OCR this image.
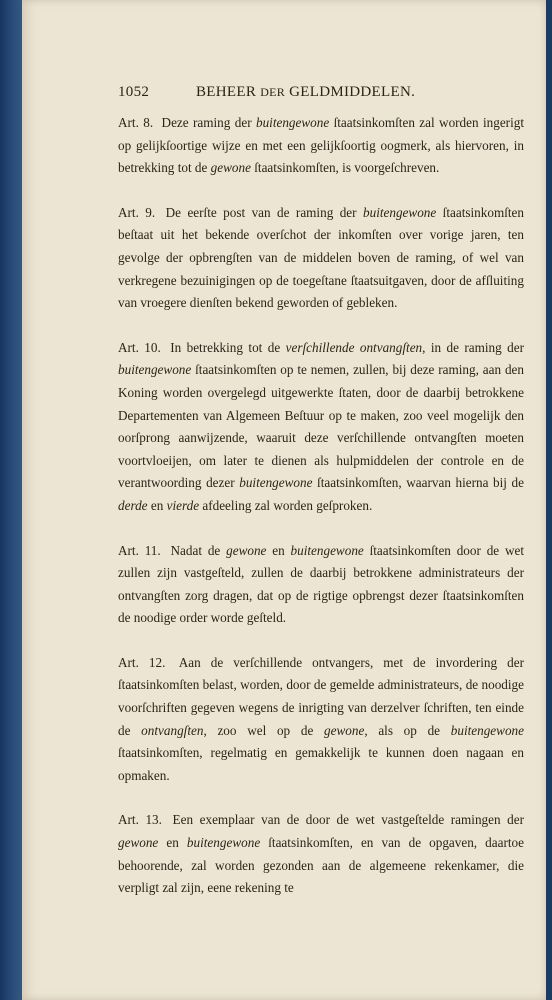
1052	BEHEER DER GELDMIDDELEN.

Art. 8. Deze raming der buitengewone ſtaatsinkomſten zal worden ingerigt op gelijkſoortige wijze en met een gelijkſoortig oogmerk, als hiervoren, in betrekking tot de gewone ſtaatsinkomſten, is voorgeſchreven.

Art. 9. De eerſte post van de raming der buitengewone ſtaatsinkomſten beſtaat uit het bekende overſchot der inkomſten over vorige jaren, ten gevolge der opbrengſten van de middelen boven de raming, of wel van verkregene bezuinigingen op de toegeſtane ſtaatsuitgaven, door de afſluiting van vroegere dienſten bekend geworden of gebleken.

Art. 10. In betrekking tot de verſchillende ontvangſten, in de raming der buitengewone ſtaatsinkomſten op te nemen, zullen, bij deze raming, aan den Koning worden overgelegd uitgewerkte ſtaten, door de daarbij betrokkene Departementen van Algemeen Beſtuur op te maken, zoo veel mogelijk den oorſprong aanwijzende, waaruit deze verſchillende ontvangſten moeten voortvloeijen, om later te dienen als hulpmiddelen der controle en de verantwoording dezer buitengewone ſtaatsinkomſten, waarvan hierna bij de derde en vierde afdeeling zal worden geſproken.

Art. 11. Nadat de gewone en buitengewone ſtaatsinkomſten door de wet zullen zijn vastgeſteld, zullen de daarbij betrokkene administrateurs der ontvangſten zorg dragen, dat op de rigtige opbrengst dezer ſtaatsinkomſten de noodige order worde geſteld.

Art. 12. Aan de verſchillende ontvangers, met de invordering der ſtaatsinkomſten belast, worden, door de gemelde administrateurs, de noodige voorſchriften gegeven wegens de inrigting van derzelver ſchriften, ten einde de ontvangſten, zoo wel op de gewone, als op de buitengewone ſtaatsinkomſten, regelmatig en gemakkelijk te kunnen doen nagaan en opmaken.

Art. 13. Een exemplaar van de door de wet vastgeſtelde ramingen der gewone en buitengewone ſtaatsinkomſten, en van de opgaven, daartoe behoorende, zal worden gezonden aan de algemeene rekenkamer, die verpligt zal zijn, eene rekening te
